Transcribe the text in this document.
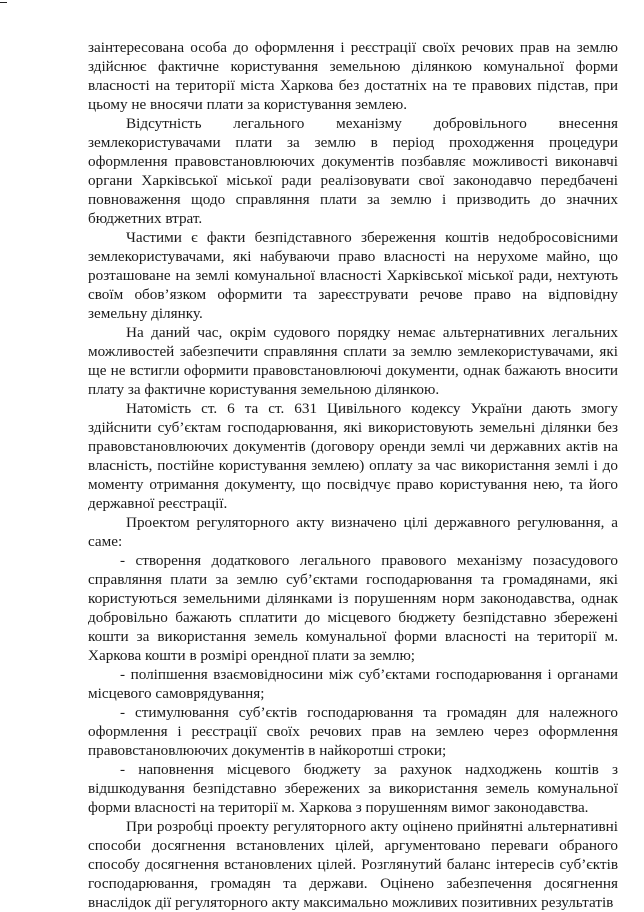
заінтересована особа до оформлення і реєстрації своїх речових прав на землю здійснює фактичне користування земельною ділянкою комунальної форми власності на території міста Харкова без достатніх на те правових підстав, при цьому не вносячи плати за користування землею.

Відсутність легального механізму добровільного внесення землекористувачами плати за землю в період проходження процедури оформлення правовстановлюючих документів позбавляє можливості виконавчі органи Харківської міської ради реалізовувати свої законодавчо передбачені повноваження щодо справляння плати за землю і призводить до значних бюджетних втрат.

Частими є факти безпідставного збереження коштів недобросовісними землекористувачами, які набуваючи право власності на нерухоме майно, що розташоване на землі комунальної власності Харківської міської ради, нехтують своїм обов’язком оформити та зареєструвати речове право на відповідну земельну ділянку.

На даний час, окрім судового порядку немає альтернативних легальних можливостей забезпечити справляння сплати за землю землекористувачами, які ще не встигли оформити правовстановлюючі документи, однак бажають вносити плату за фактичне користування земельною ділянкою.

Натомість ст. 6 та ст. 631 Цивільного кодексу України дають змогу здійснити суб’єктам господарювання, які використовують земельні ділянки без правовстановлюючих документів (договору оренди землі чи державних актів на власність, постійне користування землею) оплату за час використання землі і до моменту отримання документу, що посвідчує право користування нею, та його державної реєстрації.

Проектом регуляторного акту визначено цілі державного регулювання, а саме:

- створення додаткового легального правового механізму позасудового справляння плати за землю суб’єктами господарювання та громадянами, які користуються земельними ділянками із порушенням норм законодавства, однак добровільно бажають сплатити до місцевого бюджету безпідставно збережені кошти за використання земель комунальної форми власності на території м. Харкова кошти в розмірі орендної плати за землю;

- поліпшення взаємовідносини між суб’єктами господарювання і органами місцевого самоврядування;

- стимулювання суб’єктів господарювання та громадян для належного оформлення і реєстрації своїх речових прав на землею через оформлення правовстановлюючих документів в найкоротші строки;

- наповнення місцевого бюджету за рахунок надходжень коштів з відшкодування безпідставно збережених за використання земель комунальної форми власності на території м. Харкова з порушенням вимог законодавства.

При розробці проекту регуляторного акту оцінено прийнятні альтернативні способи досягнення встановлених цілей, аргументовано переваги обраного способу досягнення встановлених цілей. Розглянутий баланс інтересів суб’єктів господарювання, громадян та держави. Оцінено забезпечення досягнення внаслідок дії регуляторного акту максимально можливих позитивних результатів
